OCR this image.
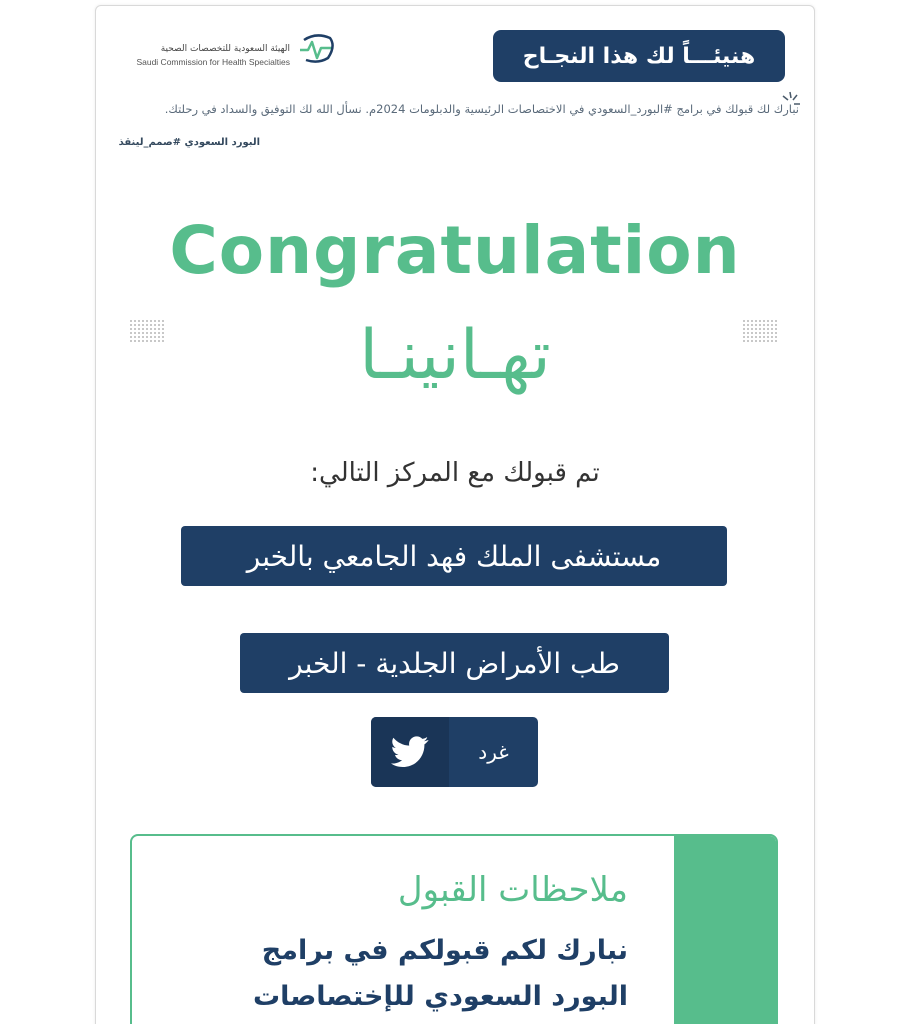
هنيئـــاً لك هذا النجـاح
الهيئة السعودية للتخصصات الصحية
Saudi Commission for Health Specialties
نبارك لك قبولك في برامج #البورد_السعودي في الاختصاصات الرئيسية والدبلومات 2024م. نسأل الله لك التوفيق والسداد في رحلتك.
البورد السعودي #صمم_لينقذ
Congratulation
تهـانينـا
تم قبولك مع المركز التالي:
مستشفى الملك فهد الجامعي بالخبر
طب الأمراض الجلدية - الخبر
غرد
ملاحظات القبول
نبارك لكم قبولكم في برامج
البورد السعودي للإختصاصات
